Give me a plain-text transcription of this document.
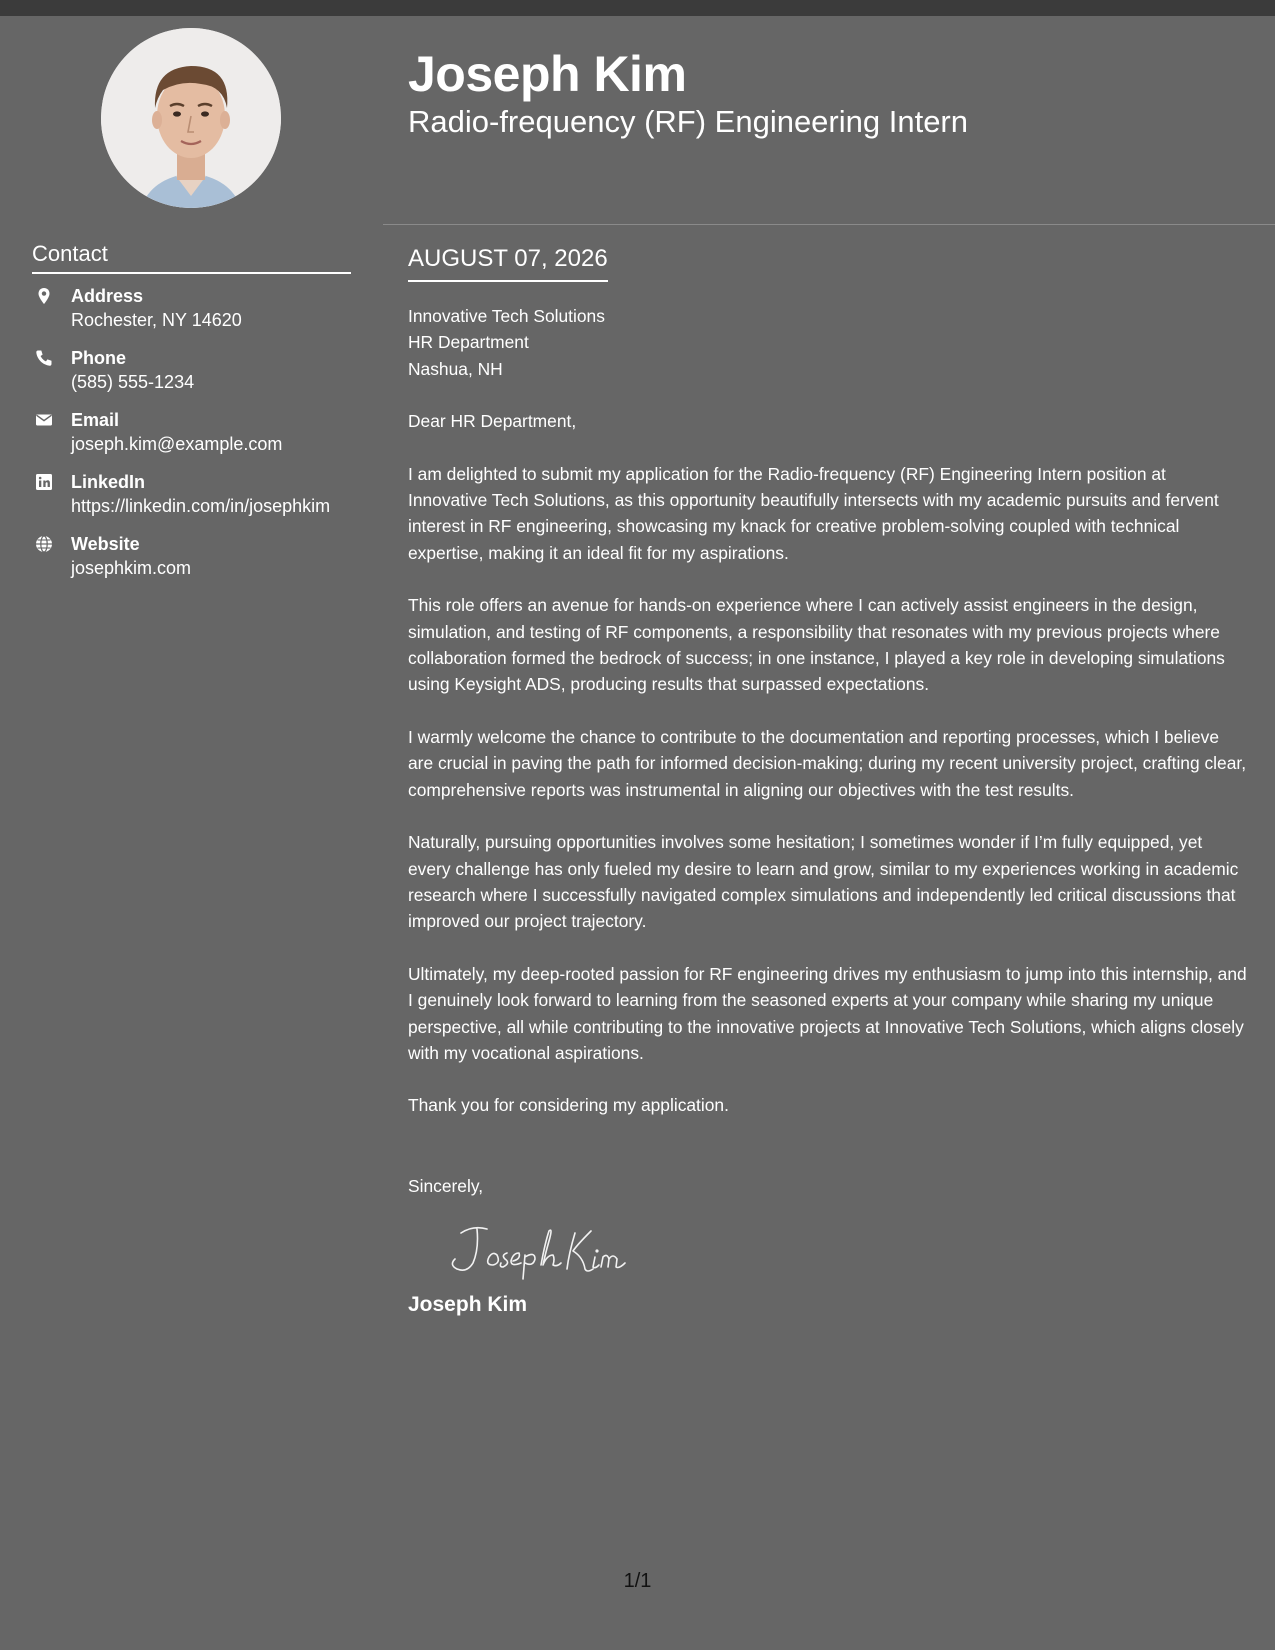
Contact
Address
Rochester, NY 14620
Phone
(585) 555-1234
Email
joseph.kim@example.com
LinkedIn
https://linkedin.com/in/josephkim
Website
josephkim.com
Joseph Kim
Radio-frequency (RF) Engineering Intern
AUGUST 07, 2026

Innovative Tech Solutions
HR Department
Nashua, NH

Dear HR Department,

I am delighted to submit my application for the Radio-frequency (RF) Engineering Intern position at Innovative Tech Solutions, as this opportunity beautifully intersects with my academic pursuits and fervent interest in RF engineering, showcasing my knack for creative problem-solving coupled with technical expertise, making it an ideal fit for my aspirations.

This role offers an avenue for hands-on experience where I can actively assist engineers in the design, simulation, and testing of RF components, a responsibility that resonates with my previous projects where collaboration formed the bedrock of success; in one instance, I played a key role in developing simulations using Keysight ADS, producing results that surpassed expectations.

I warmly welcome the chance to contribute to the documentation and reporting processes, which I believe are crucial in paving the path for informed decision-making; during my recent university project, crafting clear, comprehensive reports was instrumental in aligning our objectives with the test results.

Naturally, pursuing opportunities involves some hesitation; I sometimes wonder if I’m fully equipped, yet every challenge has only fueled my desire to learn and grow, similar to my experiences working in academic research where I successfully navigated complex simulations and independently led critical discussions that improved our project trajectory.

Ultimately, my deep-rooted passion for RF engineering drives my enthusiasm to jump into this internship, and I genuinely look forward to learning from the seasoned experts at your company while sharing my unique perspective, all while contributing to the innovative projects at Innovative Tech Solutions, which aligns closely with my vocational aspirations.

Thank you for considering my application.

Sincerely,

Joseph Kim

1/1
